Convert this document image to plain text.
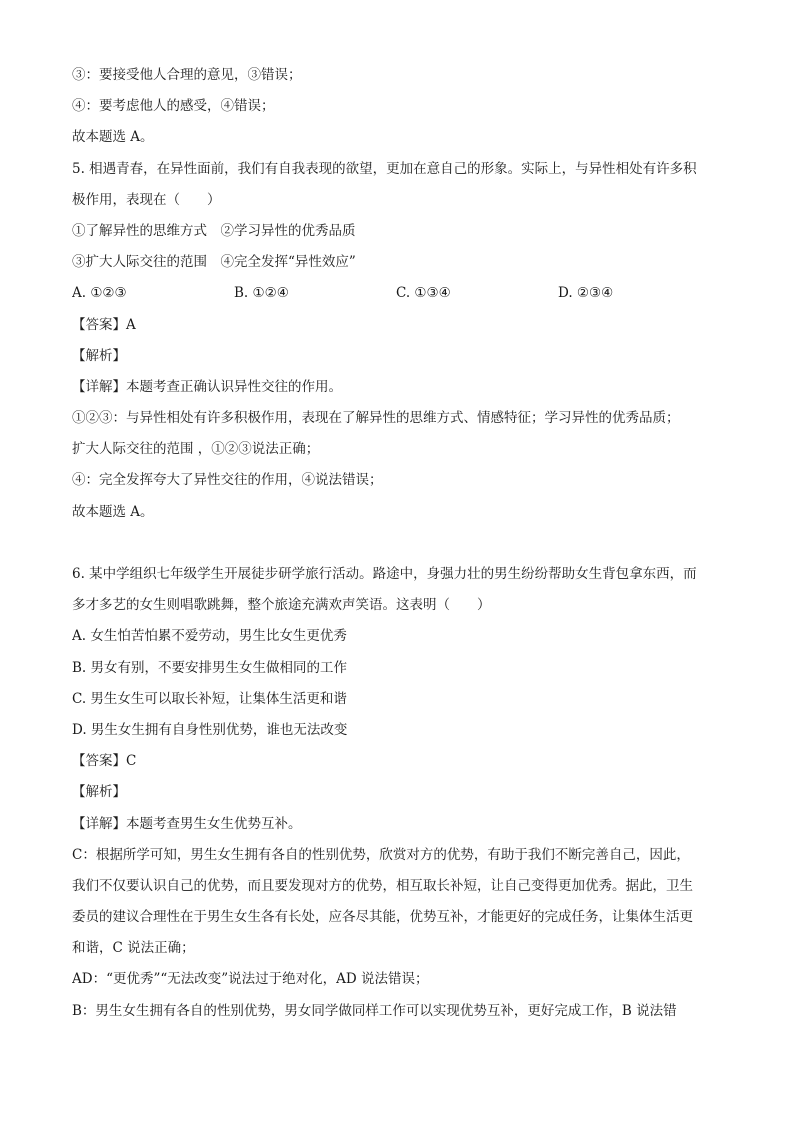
③：要接受他人合理的意见，③错误；
④：要考虑他人的感受，④错误；
故本题选 A。
5. 相遇青春，在异性面前，我们有自我表现的欲望，更加在意自己的形象。实际上，与异性相处有许多积
极作用，表现在（　　）
①了解异性的思维方式　②学习异性的优秀品质
③扩大人际交往的范围　④完全发挥“异性效应”
A. ①②③	B. ①②④	C. ①③④	D. ②③④
【答案】A
【解析】
【详解】本题考查正确认识异性交往的作用。
①②③：与异性相处有许多积极作用，表现在了解异性的思维方式、情感特征；学习异性的优秀品质；
扩大人际交往的范围 ，①②③说法正确；
④：完全发挥夸大了异性交往的作用，④说法错误；
故本题选 A。
6. 某中学组织七年级学生开展徒步研学旅行活动。路途中，身强力壮的男生纷纷帮助女生背包拿东西，而
多才多艺的女生则唱歌跳舞，整个旅途充满欢声笑语。这表明（　　）
A. 女生怕苦怕累不爱劳动，男生比女生更优秀
B. 男女有别，不要安排男生女生做相同的工作
C. 男生女生可以取长补短，让集体生活更和谐
D. 男生女生拥有自身性别优势，谁也无法改变
【答案】C
【解析】
【详解】本题考查男生女生优势互补。
C：根据所学可知，男生女生拥有各自的性别优势，欣赏对方的优势，有助于我们不断完善自己，因此，
我们不仅要认识自己的优势，而且要发现对方的优势，相互取长补短，让自己变得更加优秀。据此，卫生
委员的建议合理性在于男生女生各有长处，应各尽其能，优势互补，才能更好的完成任务，让集体生活更
和谐，C 说法正确；
AD：“更优秀”“无法改变”说法过于绝对化，AD 说法错误；
B：男生女生拥有各自的性别优势，男女同学做同样工作可以实现优势互补，更好完成工作，B 说法错
